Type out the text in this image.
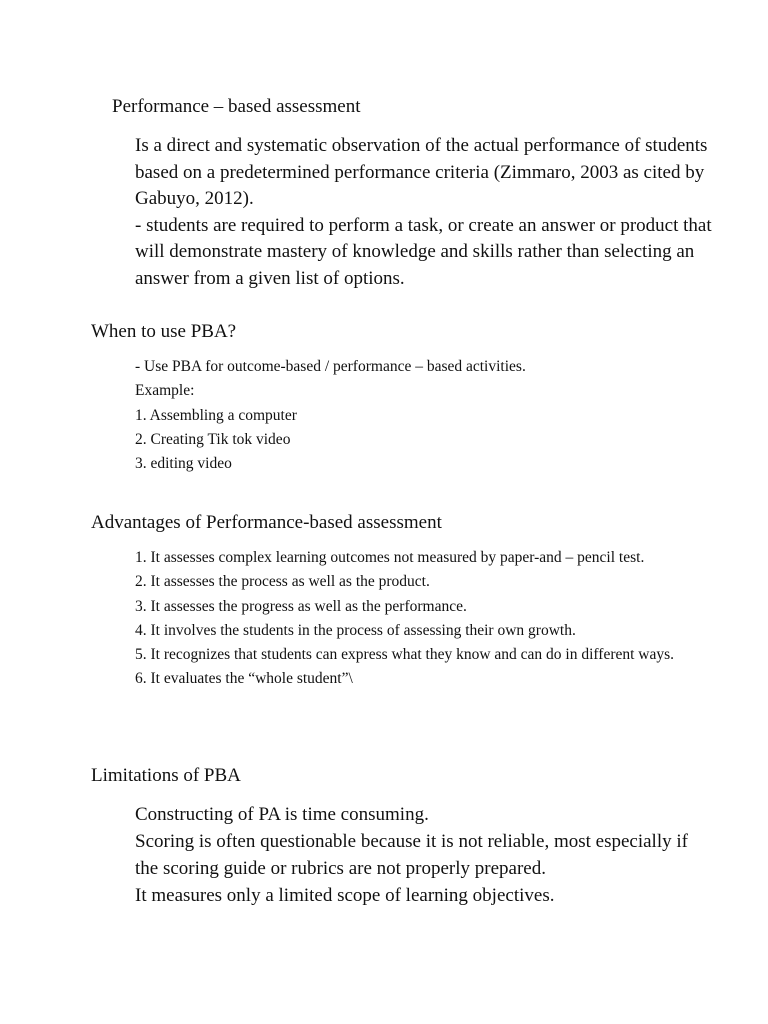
Performance – based assessment

Is a direct and systematic observation of the actual performance of students based on a predetermined performance criteria (Zimmaro, 2003 as cited by Gabuyo, 2012).

- students are required to perform a task, or create an answer or product that will demonstrate mastery of knowledge and skills rather than selecting an answer from a given list of options.

When to use PBA?

- Use PBA for outcome-based / performance – based activities.

Example:

1. Assembling a computer

2. Creating Tik tok video

3. editing video

Advantages of Performance-based assessment

1. It assesses complex learning outcomes not measured by paper-and – pencil test.

2. It assesses the process as well as the product.

3. It assesses the progress as well as the performance.

4. It involves the students in the process of assessing their own growth.

5. It recognizes that students can express what they know and can do in different ways.

6. It evaluates the “whole student”\

Limitations of PBA

Constructing of PA is time consuming.

Scoring is often questionable because it is not reliable, most especially if the scoring guide or rubrics are not properly prepared.

It measures only a limited scope of learning objectives.
